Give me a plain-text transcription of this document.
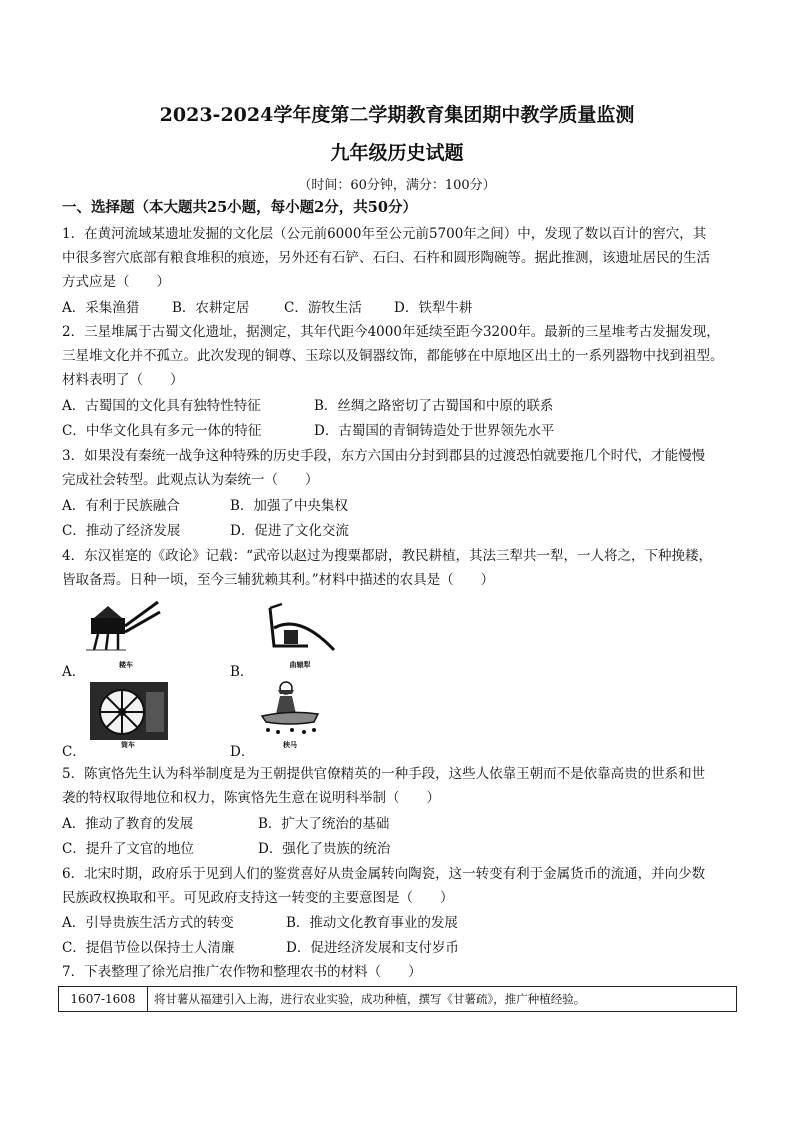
2023-2024学年度第二学期教育集团期中教学质量监测
九年级历史试题
（时间：60分钟，满分：100分）
一、选择题（本大题共25小题，每小题2分，共50分）
1．在黄河流域某遗址发掘的文化层（公元前6000年至公元前5700年之间）中，发现了数以百计的窖穴，其
中很多窖穴底部有粮食堆积的痕迹，另外还有石铲、石臼、石杵和圆形陶碗等。据此推测，该遗址居民的生活
方式应是（　　）
A．采集渔猎 B．农耕定居	C．游牧生活 D．铁犁牛耕
2．三星堆属于古蜀文化遗址，据测定，其年代距今4000年延续至距今3200年。最新的三星堆考古发掘发现，
三星堆文化并不孤立。此次发现的铜尊、玉琮以及铜器纹饰，都能够在中原地区出土的一系列器物中找到祖型。
材料表明了（　　）
A．古蜀国的文化具有独特性特征	B．丝绸之路密切了古蜀国和中原的联系
C．中华文化具有多元一体的特征	D．古蜀国的青铜铸造处于世界领先水平
3．如果没有秦统一战争这种特殊的历史手段，东方六国由分封到郡县的过渡恐怕就要拖几个时代，才能慢慢
完成社会转型。此观点认为秦统一（　　）
A．有利于民族融合	B．加强了中央集权
C．推动了经济发展	D．促进了文化交流
4．东汉崔寔的《政论》记载：“武帝以赵过为搜粟都尉，教民耕植，其法三犁共一犁，一人将之，下种挽耧，
皆取备焉。日种一顷，至今三辅犹赖其利。”材料中描述的农具是（　　）
耧车
A．	曲辕犁
B．
筒车
C．	秧马
D．
5．陈寅恪先生认为科举制度是为王朝提供官僚精英的一种手段，这些人依靠王朝而不是依靠高贵的世系和世
袭的特权取得地位和权力，陈寅恪先生意在说明科举制（　　）
A．推动了教育的发展	B．扩大了统治的基础
C．提升了文官的地位	D．强化了贵族的统治
6．北宋时期，政府乐于见到人们的鉴赏喜好从贵金属转向陶瓷，这一转变有利于金属货币的流通，并向少数
民族政权换取和平。可见政府支持这一转变的主要意图是（　　）
A．引导贵族生活方式的转变	B．推动文化教育事业的发展
C．提倡节俭以保持士人清廉	D．促进经济发展和支付岁币
7．下表整理了徐光启推广农作物和整理农书的材料（　　）
1607-1608	将甘薯从福建引入上海，进行农业实验，成功种植，撰写《甘薯疏》，推广种植经验。
